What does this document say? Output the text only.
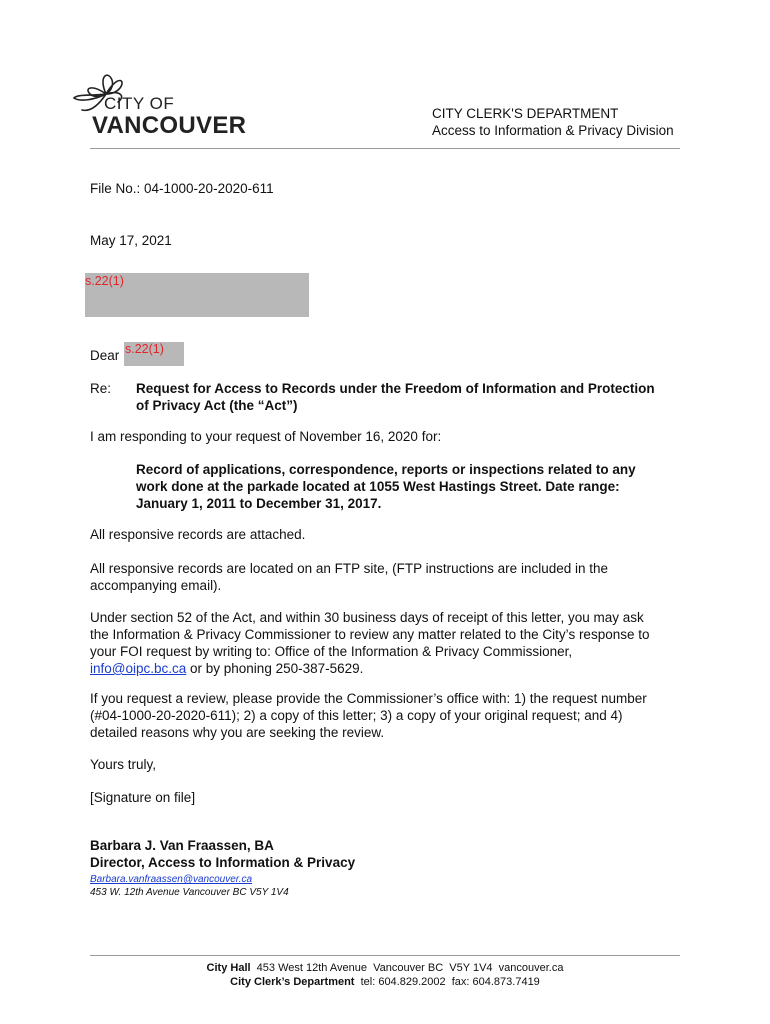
CITY OF
VANCOUVER	CITY CLERK'S DEPARTMENT
Access to Information & Privacy Division
File No.: 04-1000-20-2020-611
May 17, 2021
s.22(1)
Dear s.22(1)
Re: Request for Access to Records under the Freedom of Information and Protection
of Privacy Act (the “Act”)
I am responding to your request of November 16, 2020 for:
Record of applications, correspondence, reports or inspections related to any
work done at the parkade located at 1055 West Hastings Street. Date range:
January 1, 2011 to December 31, 2017.
All responsive records are attached.
All responsive records are located on an FTP site, (FTP instructions are included in the
accompanying email).
Under section 52 of the Act, and within 30 business days of receipt of this letter, you may ask
the Information & Privacy Commissioner to review any matter related to the City’s response to
your FOI request by writing to: Office of the Information & Privacy Commissioner,
info@oipc.bc.ca or by phoning 250-387-5629.
If you request a review, please provide the Commissioner’s office with: 1) the request number
(#04-1000-20-2020-611); 2) a copy of this letter; 3) a copy of your original request; and 4)
detailed reasons why you are seeking the review.
Yours truly,
[Signature on file]
Barbara J. Van Fraassen, BA
Director, Access to Information & Privacy
Barbara.vanfraassen@vancouver.ca
453 W. 12th Avenue Vancouver BC V5Y 1V4
City Hall  453 West 12th Avenue  Vancouver BC  V5Y 1V4  vancouver.ca
City Clerk’s Department  tel: 604.829.2002  fax: 604.873.7419
